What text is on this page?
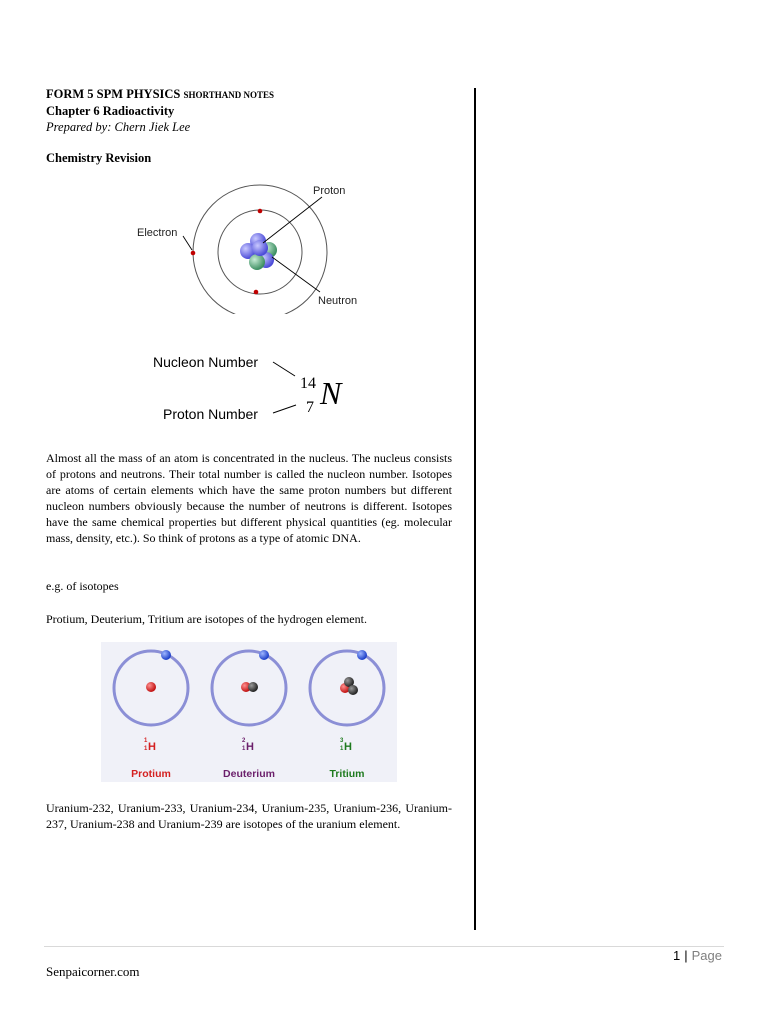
FORM 5 SPM PHYSICS SHORTHAND NOTES
Chapter 6 Radioactivity
Prepared by: Chern Jiek Lee
Chemistry Revision
Proton
Electron
Neutron
Nucleon Number
Proton Number
14
7 N
Almost all the mass of an atom is concentrated in the nucleus. The nucleus consists of protons and neutrons. Their total number is called the nucleon number. Isotopes are atoms of certain elements which have the same proton numbers but different nucleon numbers obviously because the number of neutrons is different. Isotopes have the same chemical properties but different physical quantities (eg. molecular mass, density, etc.). So think of protons as a type of atomic DNA.
e.g. of isotopes
Protium, Deuterium, Tritium are isotopes of the hydrogen element.
1
1 H
Protium
2
1 H
Deuterium
3
1 H
Tritium
Uranium-232, Uranium-233, Uranium-234, Uranium-235, Uranium-236, Uranium-237, Uranium-238 and Uranium-239 are isotopes of the uranium element.
1 | Page
Senpaicorner.com
